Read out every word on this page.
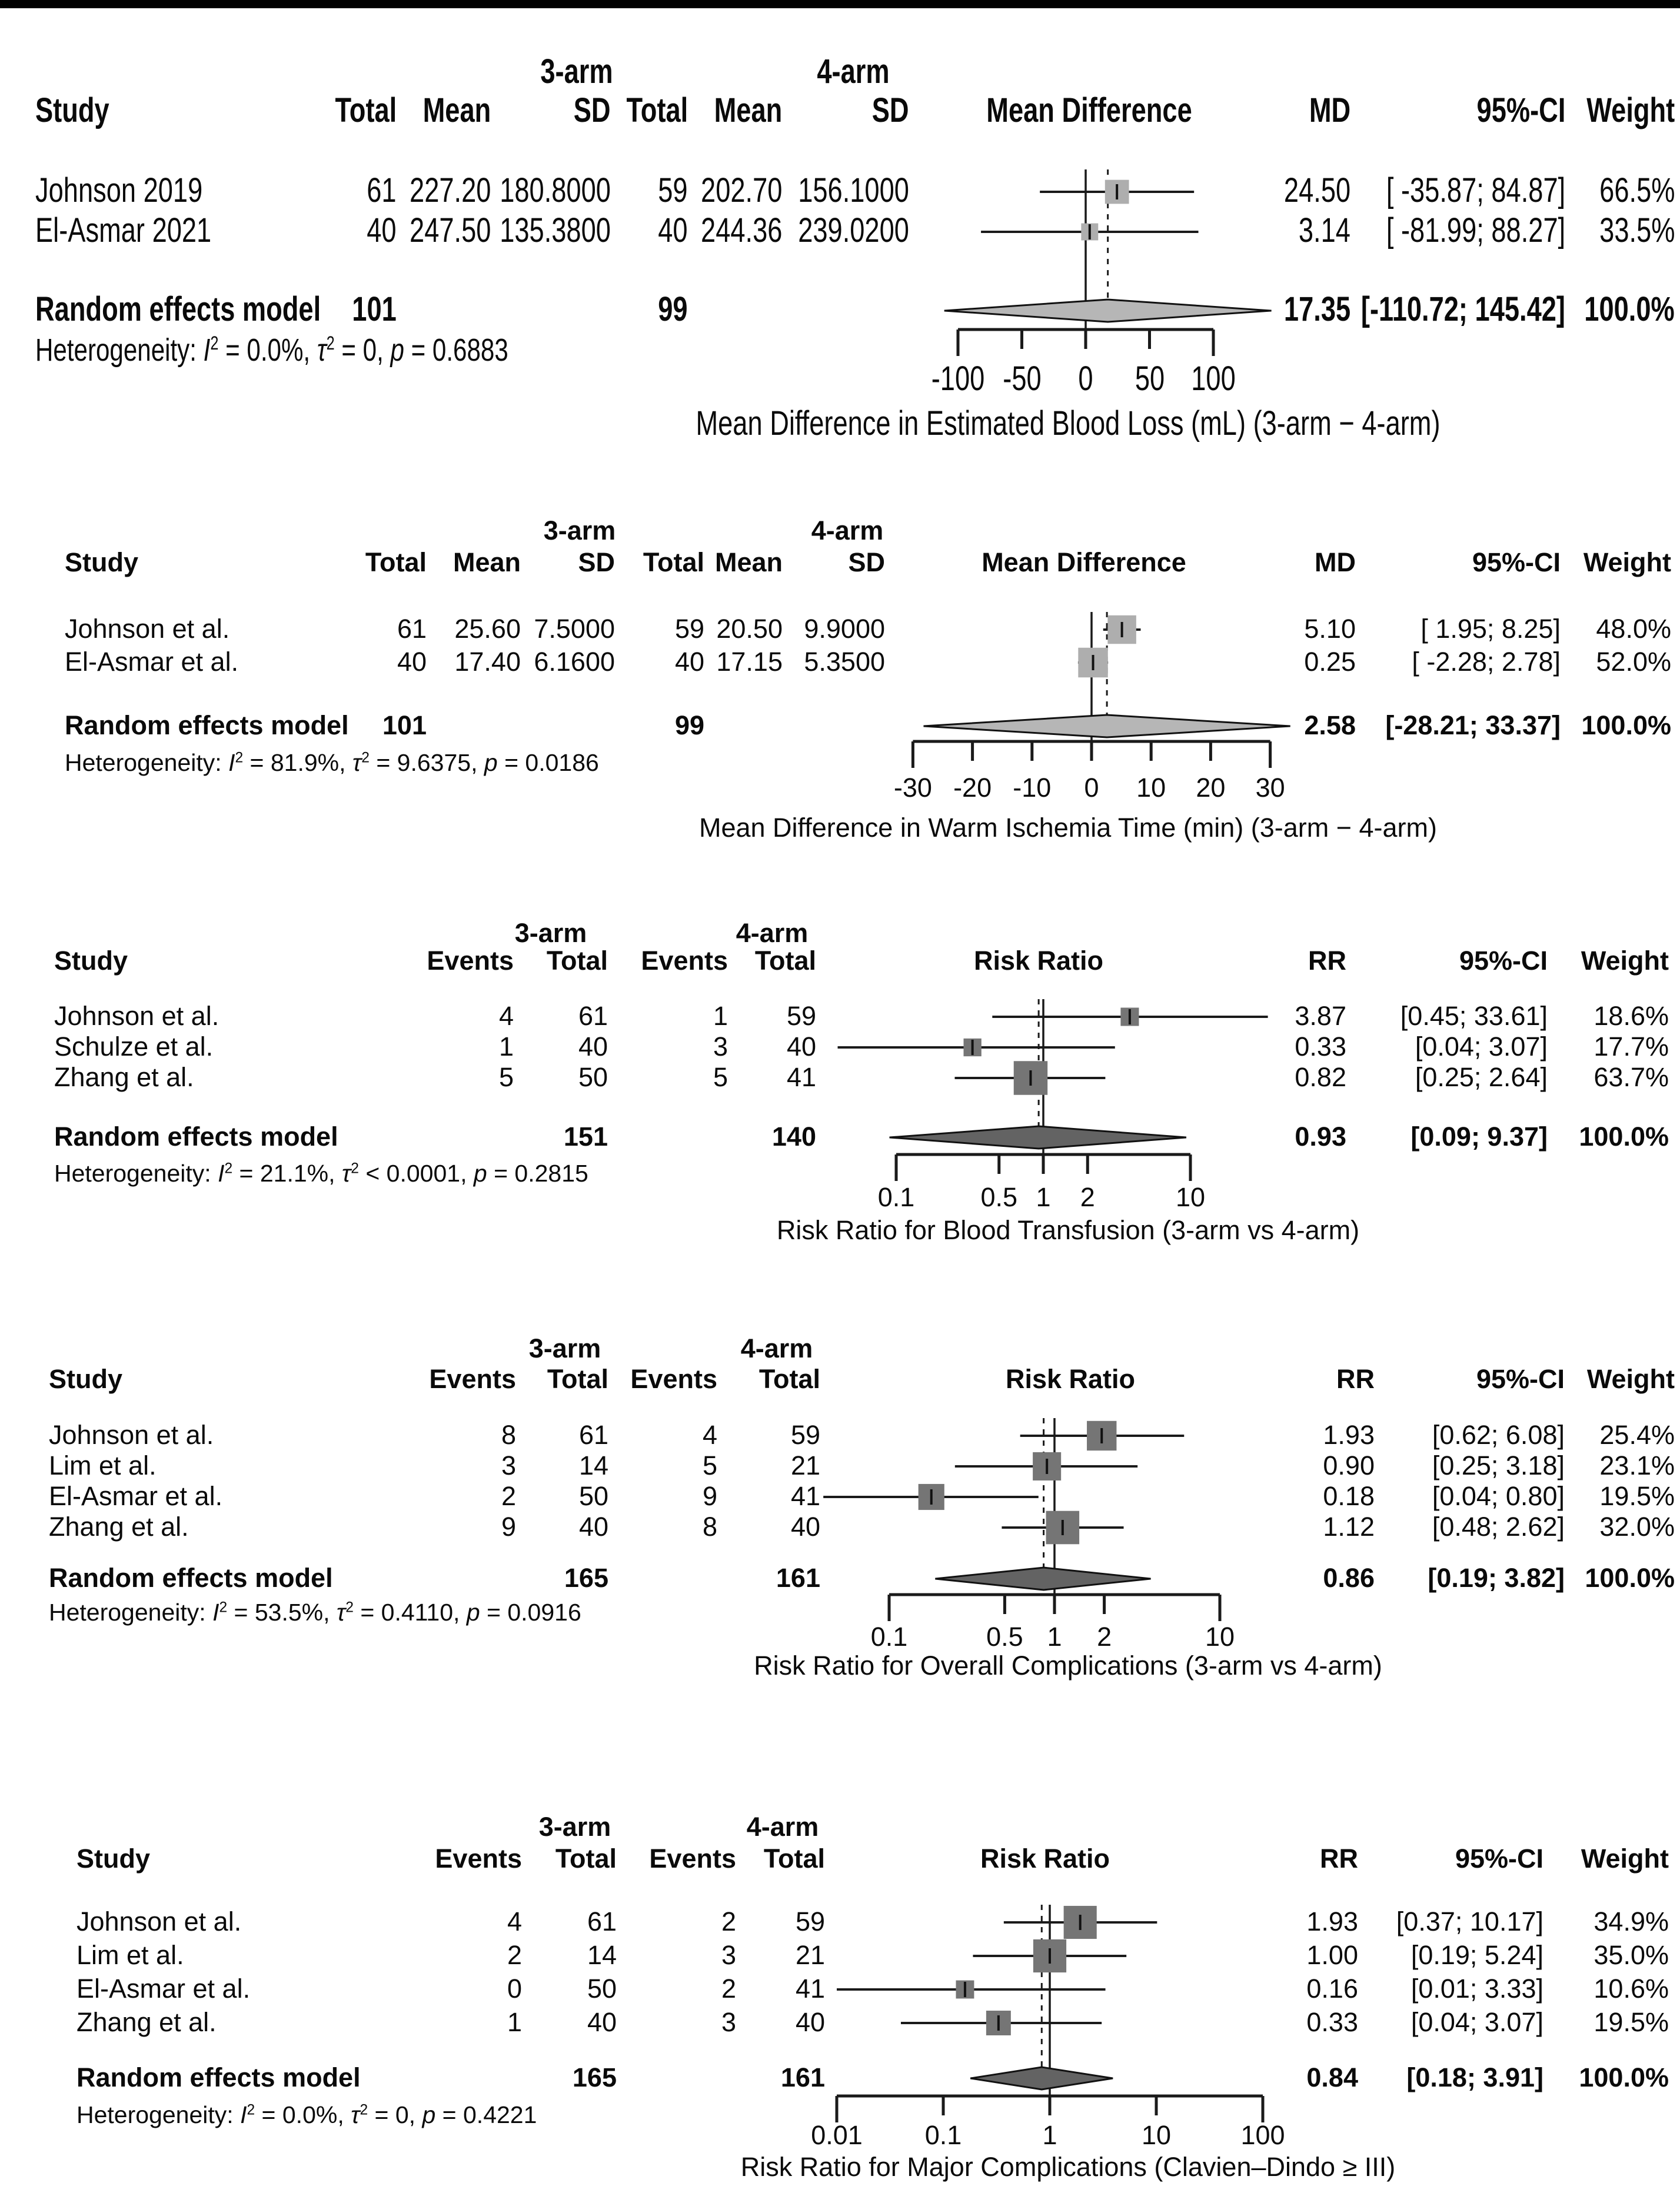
3-arm	4-arm
Study	Total Mean SD Total Mean	SD Mean Difference	MD	95%-CI Weight
Johnson 2019	61 227.20 180.8000 59 202.70 156.1000	24.50 [ -35.87; 84.87] 66.5%
El-Asmar 2021	40 247.50 135.3800 40 244.36 239.0200	3.14 [ -81.99; 88.27] 33.5%
Random effects model 101	99	17.35 [-110.72; 145.42] 100.0%
Heterogeneity: $I^2 = 0.0\%$, $\tau^2 = 0$, p = 0.6883
-100 -50 0 50 100
Mean Difference in Estimated Blood Loss (mL) (3-arm − 4-arm)
3-arm	4-arm
Study	Total Mean SD Total Mean SD	Mean Difference	MD	95%-CI Weight
Johnson et al.	61 25.60 7.5000 59 20.50 9.9000	5.10 [ 1.95; 8.25] 48.0%
El-Asmar et al.	40 17.40 6.1600 40 17.15 5.3500	0.25 [ -2.28; 2.78] 52.0%
Random effects model 101	99	2.58 [-28.21; 33.37] 100.0%
Heterogeneity: $I^2 = 81.9\%$, $\tau^2 = 9.6375$, p = 0.0186
-30 -20 -10 0 10 20 30
Mean Difference in Warm Ischemia Time (min) (3-arm − 4-arm)
3-arm	4-arm
Study	Events Total Events Total	Risk Ratio	RR	95%-CI Weight
Johnson et al.	4 61	1 59	3.87 [0.45; 33.61] 18.6%
Schulze et al.	1 40	3 40	0.33	[0.04; 3.07] 17.7%
Zhang et al.	5 50	5 41	0.82	[0.25; 2.64] 63.7%
Random effects model	151	140	0.93 [0.09; 9.37] 100.0%
Heterogeneity: $I^2 = 21.1\%$, $\tau^2 < 0.0001$, p = 0.2815
0.1 0.5 1 2	10
Risk Ratio for Blood Transfusion (3-arm vs 4-arm)
3-arm	4-arm
Study	Events Total Events Total	Risk Ratio	RR	95%-CI Weight
Johnson et al.	8 61	4	59	1.93 [0.62; 6.08] 25.4%
Lim et al.	3 14	5	21	0.90 [0.25; 3.18] 23.1%
El-Asmar et al.	2 50	9	41	0.18 [0.04; 0.80] 19.5%
Zhang et al.	9 40	8	40	1.12 [0.48; 2.62] 32.0%
Random effects model	165	161	0.86 [0.19; 3.82] 100.0%
Heterogeneity: $I^2 = 53.5\%$, $\tau^2 = 0.4110$, p = 0.0916
0.1	0.5 1 2	10
Risk Ratio for Overall Complications (3-arm vs 4-arm)
3-arm	4-arm
Study	Events Total Events Total	Risk Ratio	RR	95%-CI Weight
Johnson et al.	4 61	2 59	1.93 [0.37; 10.17] 34.9%
Lim et al.	2 14	3 21	1.00 [0.19; 5.24] 35.0%
El-Asmar et al.	0 50	2 41	0.16 [0.01; 3.33] 10.6%
Zhang et al.	1 40	3 40	0.33 [0.04; 3.07] 19.5%
Random effects model	165	161	0.84 [0.18; 3.91] 100.0%
Heterogeneity: $I^2 = 0.0\%$, $\tau^2 = 0$, p = 0.4221
0.01 0.1	1	10	100
Risk Ratio for Major Complications (Clavien–Dindo ≥ III)
